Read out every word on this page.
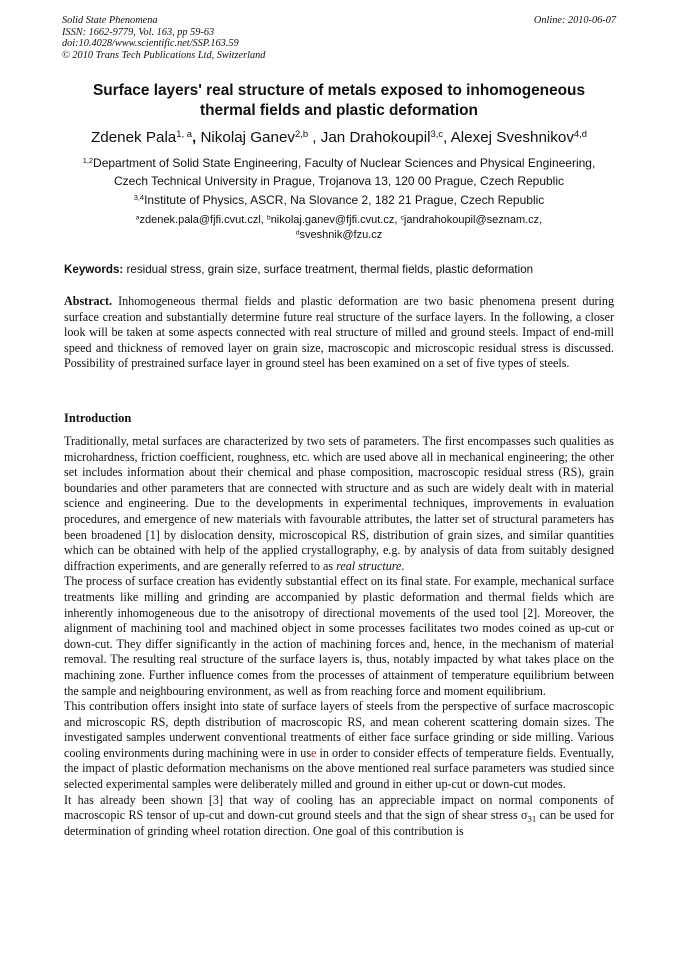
Solid State Phenomena
ISSN: 1662-9779, Vol. 163, pp 59-63
doi:10.4028/www.scientific.net/SSP.163.59
© 2010 Trans Tech Publications Ltd, Switzerland
Online: 2010-06-07
Surface layers' real structure of metals exposed to inhomogeneous
thermal fields and plastic deformation
Zdenek Pala$^{1, a}$, Nikolaj Ganev$^{2,b}$ , Jan Drahokoupil$^{3,c}$, Alexej Sveshnikov$^{4,d}$
$^{1,2}$Department of Solid State Engineering, Faculty of Nuclear Sciences and Physical Engineering,
Czech Technical University in Prague, Trojanova 13, 120 00 Prague, Czech Republic
$^{3,4}$Institute of Physics, ASCR, Na Slovance 2, 182 21 Prague, Czech Republic
$^a$zdenek.pala@fjfi.cvut.czl, $^b$nikolaj.ganev@fjfi.cvut.cz, $^c$jandrahokoupil@seznam.cz,
$^d$sveshnik@fzu.cz
Keywords: residual stress, grain size, surface treatment, thermal fields, plastic deformation

Abstract. Inhomogeneous thermal fields and plastic deformation are two basic phenomena present during surface creation and substantially determine future real structure of the surface layers. In the following, a closer look will be taken at some aspects connected with real structure of milled and ground steels. Impact of end-mill speed and thickness of removed layer on grain size, macroscopic and microscopic residual stress is discussed. Possibility of prestrained surface layer in ground steel has been examined on a set of five types of steels.

Introduction

Traditionally, metal surfaces are characterized by two sets of parameters. The first encompasses such qualities as microhardness, friction coefficient, roughness, etc. which are used above all in mechanical engineering; the other set includes information about their chemical and phase composition, macroscopic residual stress (RS), grain boundaries and other parameters that are connected with structure and as such are widely dealt with in material science and engineering. Due to the developments in experimental techniques, improvements in evaluation procedures, and emergence of new materials with favourable attributes, the latter set of structural parameters has been broadened [1] by dislocation density, microscopical RS, distribution of grain sizes, and similar quantities which can be obtained with help of the applied crystallography, e.g. by analysis of data from suitably designed diffraction experiments, and are generally referred to as real structure.

The process of surface creation has evidently substantial effect on its final state. For example, mechanical surface treatments like milling and grinding are accompanied by plastic deformation and thermal fields which are inherently inhomogeneous due to the anisotropy of directional movements of the used tool [2]. Moreover, the alignment of machining tool and machined object in some processes facilitates two modes coined as up-cut or down-cut. They differ significantly in the action of machining forces and, hence, in the mechanism of material removal. The resulting real structure of the surface layers is, thus, notably impacted by what takes place on the machining zone. Further influence comes from the processes of attainment of temperature equilibrium between the sample and neighbouring environment, as well as from reaching force and moment equilibrium.

This contribution offers insight into state of surface layers of steels from the perspective of surface macroscopic and microscopic RS, depth distribution of macroscopic RS, and mean coherent scattering domain sizes. The investigated samples underwent conventional treatments of either face surface grinding or side milling. Various cooling environments during machining were in use in order to consider effects of temperature fields. Eventually, the impact of plastic deformation mechanisms on the above mentioned real surface parameters was studied since selected experimental samples were deliberately milled and ground in either up-cut or down-cut modes.

It has already been shown [3] that way of cooling has an appreciable impact on normal components of macroscopic RS tensor of up-cut and down-cut ground steels and that the sign of shear stress $\sigma_{31}$ can be used for determination of grinding wheel rotation direction. One goal of this contribution is
